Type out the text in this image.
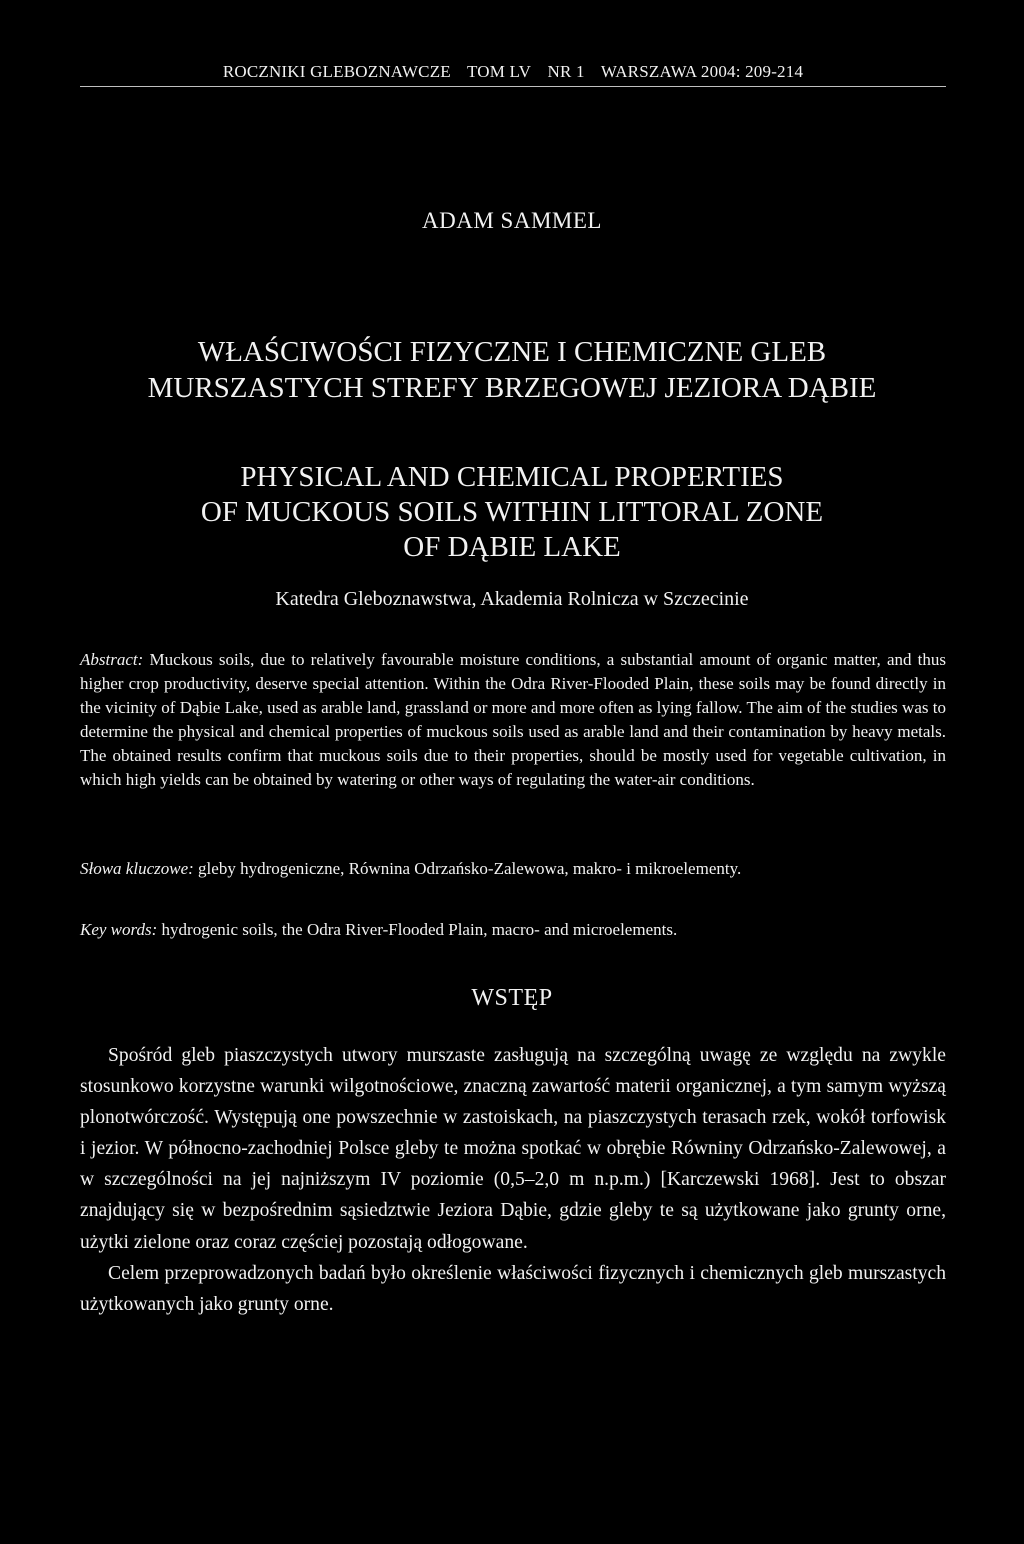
ROCZNIKI GLEBOZNAWCZE TOM LV NR 1 WARSZAWA 2004: 209-214
ADAM SAMMEL
WŁAŚCIWOŚCI FIZYCZNE I CHEMICZNE GLEB
MURSZASTYCH STREFY BRZEGOWEJ JEZIORA DĄBIE
PHYSICAL AND CHEMICAL PROPERTIES
OF MUCKOUS SOILS WITHIN LITTORAL ZONE
OF DĄBIE LAKE
Katedra Gleboznawstwa, Akademia Rolnicza w Szczecinie
Abstract: Muckous soils, due to relatively favourable moisture conditions, a substantial amount of organic matter, and thus higher crop productivity, deserve special attention. Within the Odra River-Flooded Plain, these soils may be found directly in the vicinity of Dąbie Lake, used as arable land, grassland or more and more often as lying fallow. The aim of the studies was to determine the physical and chemical properties of muckous soils used as arable land and their contamination by heavy metals. The obtained results confirm that muckous soils due to their properties, should be mostly used for vegetable cultivation, in which high yields can be obtained by watering or other ways of regulating the water-air conditions.
Słowa kluczowe: gleby hydrogeniczne, Równina Odrzańsko-Zalewowa, makro- i mikroelementy.
Key words: hydrogenic soils, the Odra River-Flooded Plain, macro- and microelements.
WSTĘP

Spośród gleb piaszczystych utwory murszaste zasługują na szczególną uwagę ze względu na zwykle stosunkowo korzystne warunki wilgotnościowe, znaczną zawartość materii organicznej, a tym samym wyższą plonotwórczość. Występują one powszechnie w zastoiskach, na piaszczystych terasach rzek, wokół torfowisk i jezior. W północno-zachodniej Polsce gleby te można spotkać w obrębie Równiny Odrzańsko-Zalewowej, a w szczególności na jej najniższym IV poziomie (0,5–2,0 m n.p.m.) [Karczewski 1968]. Jest to obszar znajdujący się w bezpośrednim sąsiedztwie Jeziora Dąbie, gdzie gleby te są użytkowane jako grunty orne, użytki zielone oraz coraz częściej pozostają odłogowane.

Celem przeprowadzonych badań było określenie właściwości fizycznych i chemicznych gleb murszastych użytkowanych jako grunty orne.
